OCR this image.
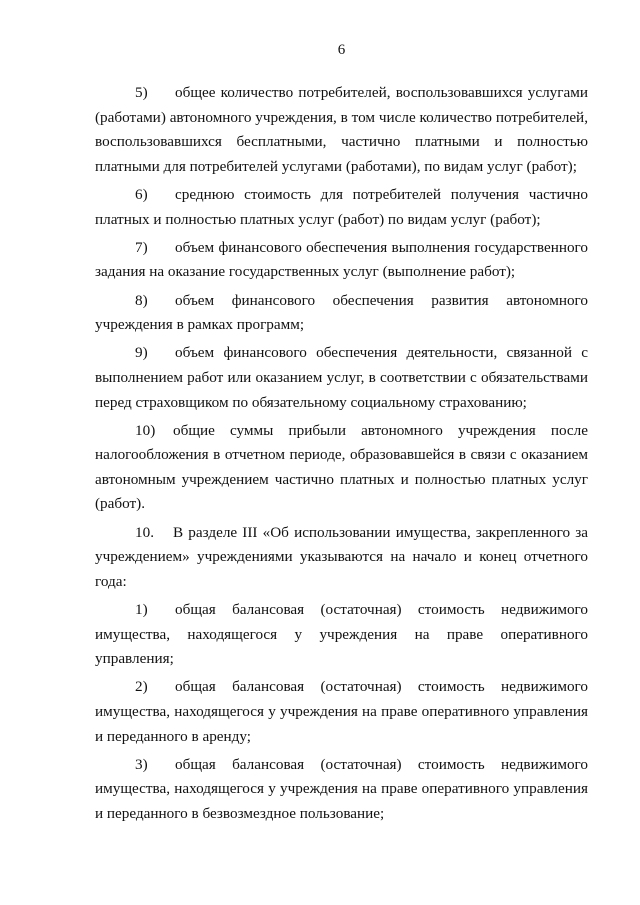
6

5) общее количество потребителей, воспользовавшихся услугами (работами) автономного учреждения, в том числе количество потребителей, воспользовавшихся бесплатными, частично платными и полностью платными для потребителей услугами (работами), по видам услуг (работ);

6) среднюю стоимость для потребителей получения частично платных и полностью платных услуг (работ) по видам услуг (работ);

7) объем финансового обеспечения выполнения государственного задания на оказание государственных услуг (выполнение работ);

8) объем финансового обеспечения развития автономного учреждения в рамках программ;

9) объем финансового обеспечения деятельности, связанной с выполнением работ или оказанием услуг, в соответствии с обязательствами перед страховщиком по обязательному социальному страхованию;

10) общие суммы прибыли автономного учреждения после налогообложения в отчетном периоде, образовавшейся в связи с оказанием автономным учреждением частично платных и полностью платных услуг (работ).

10. В разделе III «Об использовании имущества, закрепленного за учреждением» учреждениями указываются на начало и конец отчетного года:

1) общая балансовая (остаточная) стоимость недвижимого имущества, находящегося у учреждения на праве оперативного управления;

2) общая балансовая (остаточная) стоимость недвижимого имущества, находящегося у учреждения на праве оперативного управления и переданного в аренду;

3) общая балансовая (остаточная) стоимость недвижимого имущества, находящегося у учреждения на праве оперативного управления и переданного в безвозмездное пользование;
